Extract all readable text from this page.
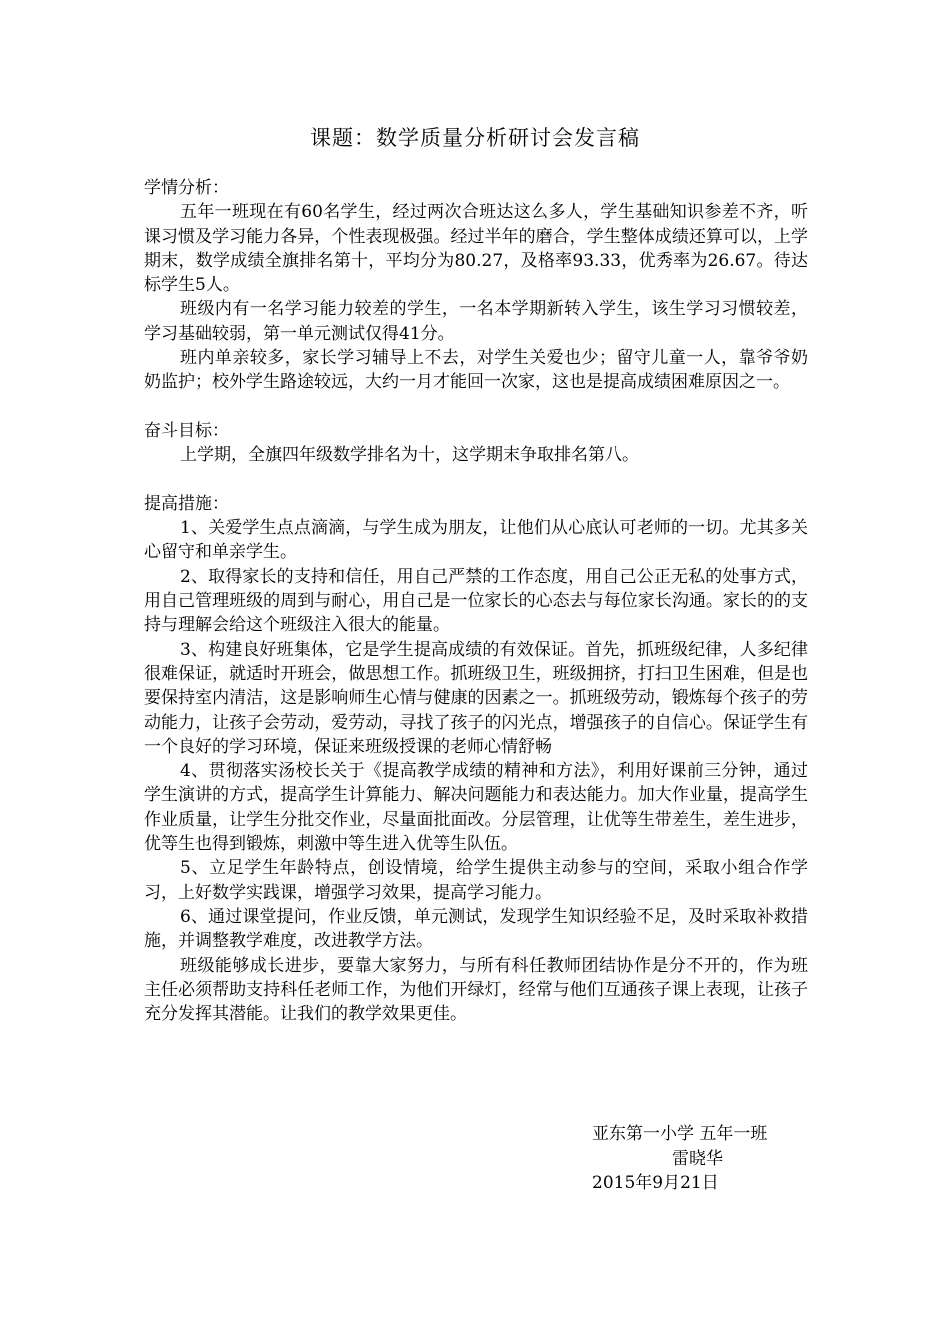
课题：数学质量分析研讨会发言稿

学情分析：

五年一班现在有60名学生，经过两次合班达这么多人，学生基础知识参差不齐，听课习惯及学习能力各异，个性表现极强。经过半年的磨合，学生整体成绩还算可以，上学期末，数学成绩全旗排名第十，平均分为80.27，及格率93.33，优秀率为26.67。待达标学生5人。

班级内有一名学习能力较差的学生，一名本学期新转入学生，该生学习习惯较差，学习基础较弱，第一单元测试仅得41分。

班内单亲较多，家长学习辅导上不去，对学生关爱也少；留守儿童一人，靠爷爷奶奶监护；校外学生路途较远，大约一月才能回一次家，这也是提高成绩困难原因之一。

奋斗目标：

上学期，全旗四年级数学排名为十，这学期末争取排名第八。

提高措施：

1、关爱学生点点滴滴，与学生成为朋友，让他们从心底认可老师的一切。尤其多关心留守和单亲学生。

2、取得家长的支持和信任，用自己严禁的工作态度，用自己公正无私的处事方式，用自己管理班级的周到与耐心，用自己是一位家长的心态去与每位家长沟通。家长的的支持与理解会给这个班级注入很大的能量。

3、构建良好班集体，它是学生提高成绩的有效保证。首先，抓班级纪律，人多纪律很难保证，就适时开班会，做思想工作。抓班级卫生，班级拥挤，打扫卫生困难，但是也要保持室内清洁，这是影响师生心情与健康的因素之一。抓班级劳动，锻炼每个孩子的劳动能力，让孩子会劳动，爱劳动，寻找了孩子的闪光点，增强孩子的自信心。保证学生有一个良好的学习环境，保证来班级授课的老师心情舒畅

4、贯彻落实汤校长关于《提高教学成绩的精神和方法》，利用好课前三分钟，通过学生演讲的方式，提高学生计算能力、解决问题能力和表达能力。加大作业量，提高学生作业质量，让学生分批交作业，尽量面批面改。分层管理，让优等生带差生，差生进步，优等生也得到锻炼，刺激中等生进入优等生队伍。

5、立足学生年龄特点，创设情境，给学生提供主动参与的空间，采取小组合作学习，上好数学实践课，增强学习效果，提高学习能力。

6、通过课堂提问，作业反馈，单元测试，发现学生知识经验不足，及时采取补救措施，并调整教学难度，改进教学方法。

班级能够成长进步，要靠大家努力，与所有科任教师团结协作是分不开的，作为班主任必须帮助支持科任老师工作，为他们开绿灯，经常与他们互通孩子课上表现，让孩子充分发挥其潜能。让我们的教学效果更佳。

亚东第一小学 五年一班
雷晓华
2015年9月21日
